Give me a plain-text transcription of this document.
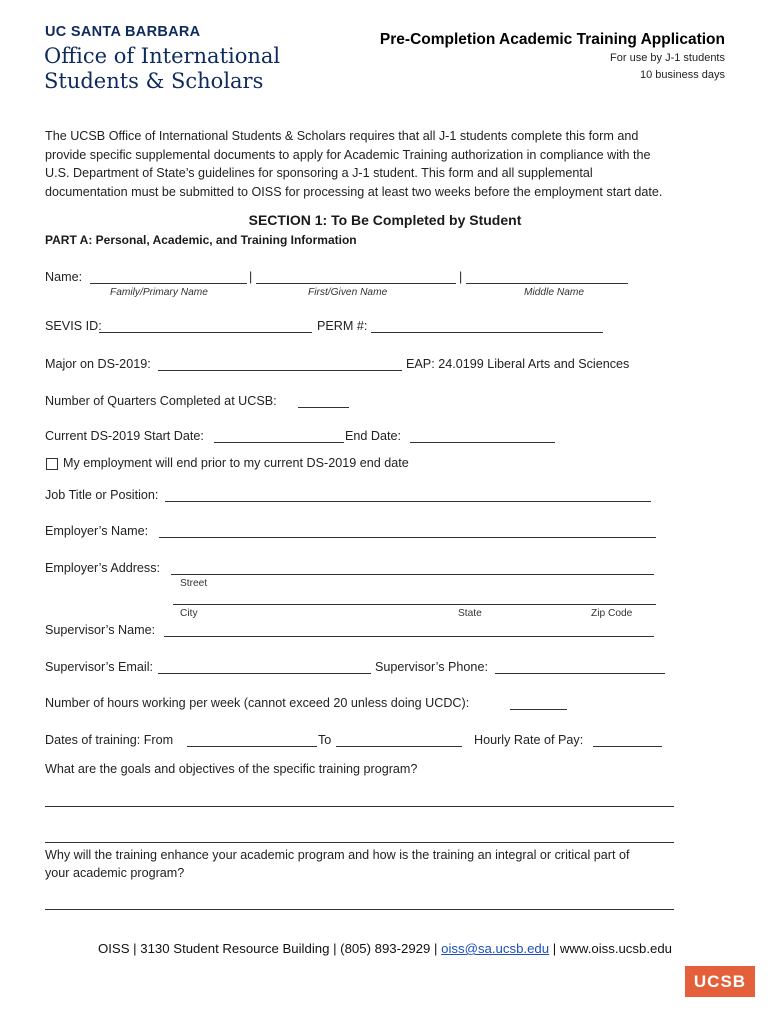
UC SANTA BARBARA
Office of International
Students & Scholars
Pre-Completion Academic Training Application
For use by J-1 students
10 business days
The UCSB Office of International Students & Scholars requires that all J-1 students complete this form and
provide specific supplemental documents to apply for Academic Training authorization in compliance with the
U.S. Department of State’s guidelines for sponsoring a J-1 student. This form and all supplemental
documentation must be submitted to OISS for processing at least two weeks before the employment start date.
SECTION 1: To Be Completed by Student
PART A: Personal, Academic, and Training Information
Name:	|	|
Family/Primary Name	First/Given Name	Middle Name
SEVIS ID:	PERM #:
Major on DS-2019:	EAP: 24.0199 Liberal Arts and Sciences
Number of Quarters Completed at UCSB:
Current DS-2019 Start Date:	End Date:
My employment will end prior to my current DS-2019 end date
Job Title or Position:
Employer’s Name:
Employer’s Address:
Street
City	State	Zip Code
Supervisor’s Name:
Supervisor’s Email:	Supervisor’s Phone:
Number of hours working per week (cannot exceed 20 unless doing UCDC):
Dates of training: From	To	Hourly Rate of Pay:
What are the goals and objectives of the specific training program?
Why will the training enhance your academic program and how is the training an integral or critical part of
your academic program?
OISS | 3130 Student Resource Building | (805) 893-2929 | oiss@sa.ucsb.edu | www.oiss.ucsb.edu
UCSB
